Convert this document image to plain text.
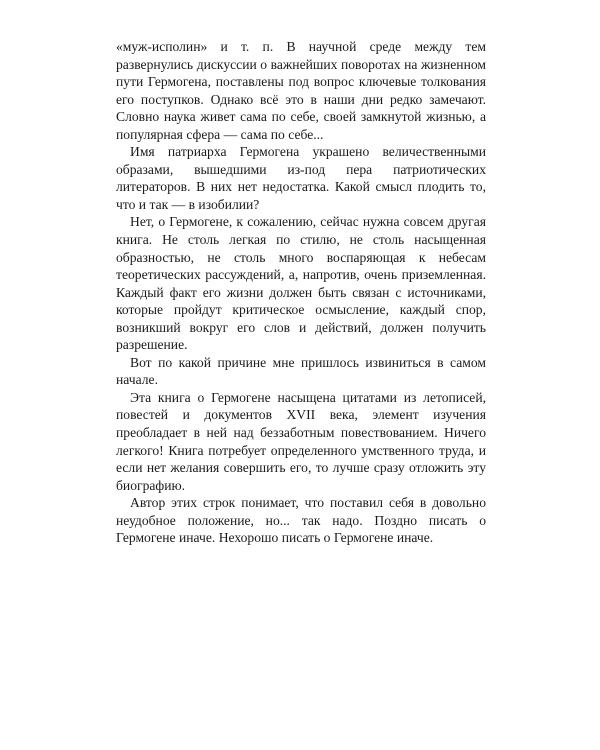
«муж-исполин» и т. п. В научной среде между тем развернулись дискуссии о важнейших поворотах на жизненном пути Гермогена, поставлены под вопрос ключевые толкования его поступков. Однако всё это в наши дни редко замечают. Словно наука живет сама по себе, своей замкнутой жизнью, а популярная сфера — сама по себе...

Имя патриарха Гермогена украшено величественными образами, вышедшими из-под пера патриотических литераторов. В них нет недостатка. Какой смысл плодить то, что и так — в изобилии?

Нет, о Гермогене, к сожалению, сейчас нужна совсем другая книга. Не столь легкая по стилю, не столь насыщенная образностью, не столь много воспаряющая к небесам теоретических рассуждений, а, напротив, очень приземленная. Каждый факт его жизни должен быть связан с источниками, которые пройдут критическое осмысление, каждый спор, возникший вокруг его слов и действий, должен получить разрешение.

Вот по какой причине мне пришлось извиниться в самом начале.

Эта книга о Гермогене насыщена цитатами из летописей, повестей и документов XVII века, элемент изучения преобладает в ней над беззаботным повествованием. Ничего легкого! Книга потребует определенного умственного труда, и если нет желания совершить его, то лучше сразу отложить эту биографию.

Автор этих строк понимает, что поставил себя в довольно неудобное положение, но... так надо. Поздно писать о Гермогене иначе. Нехорошо писать о Гермогене иначе.
